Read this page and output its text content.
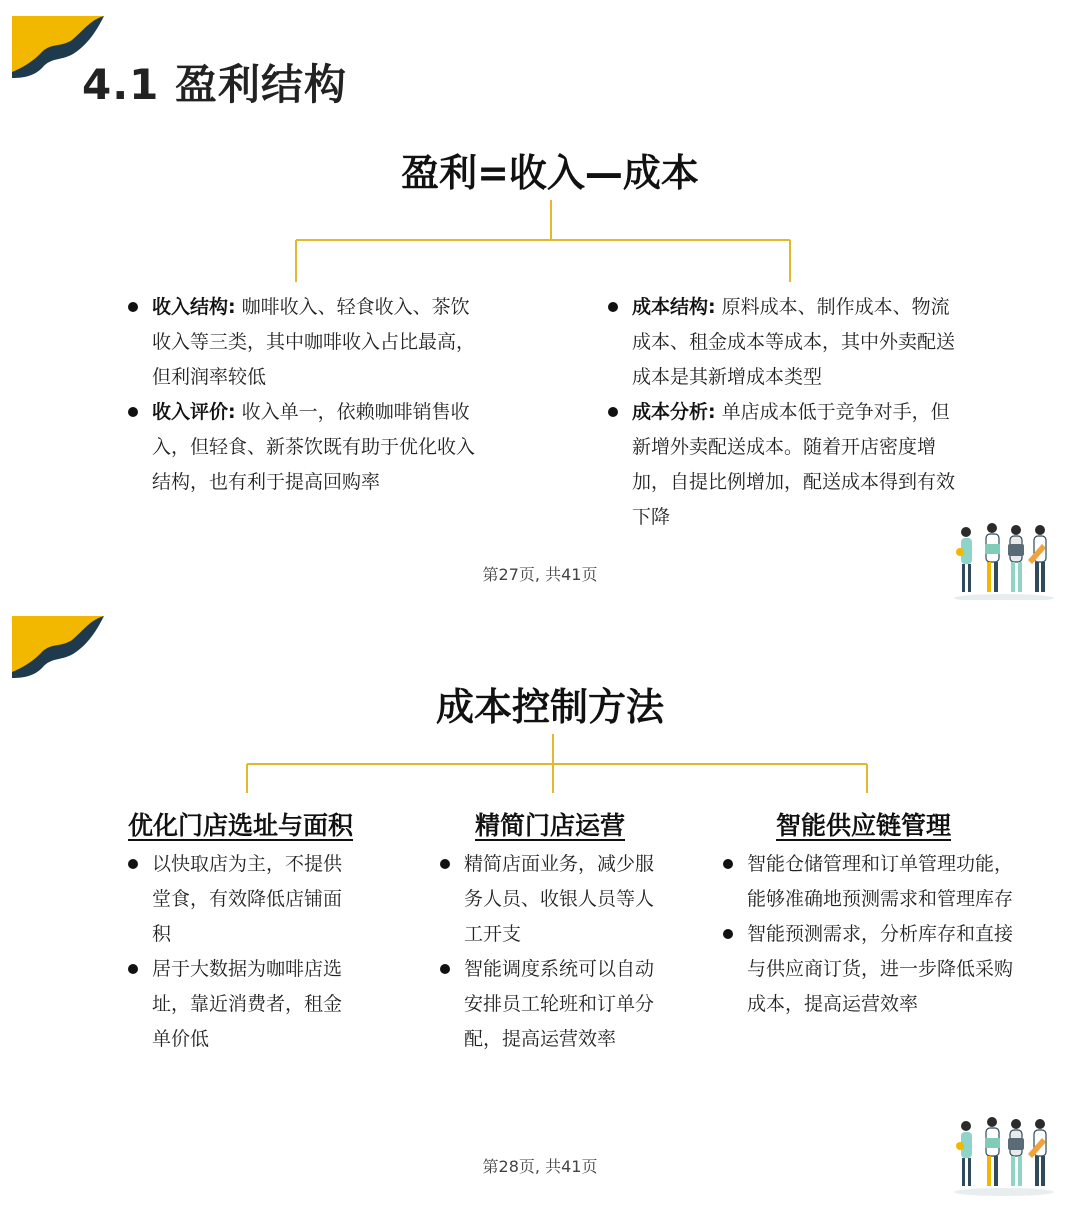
4.1 盈利结构
盈利=收入—成本
收入结构: 咖啡收入、轻食收入、茶饮收入等三类，其中咖啡收入占比最高，但利润率较低
收入评价: 收入单一，依赖咖啡销售收入，但轻食、新茶饮既有助于优化收入结构，也有利于提高回购率
成本结构: 原料成本、制作成本、物流成本、租金成本等成本，其中外卖配送成本是其新增成本类型
成本分析: 单店成本低于竞争对手，但新增外卖配送成本。随着开店密度增加，自提比例增加，配送成本得到有效下降
第27页, 共41页
成本控制方法
优化门店选址与面积	精简门店运营	智能供应链管理
以快取店为主，不提供堂食，有效降低店铺面积
居于大数据为咖啡店选址，靠近消费者，租金单价低
精简店面业务，减少服务人员、收银人员等人工开支
智能调度系统可以自动安排员工轮班和订单分配，提高运营效率
智能仓储管理和订单管理功能，能够准确地预测需求和管理库存
智能预测需求，分析库存和直接与供应商订货，进一步降低采购成本，提高运营效率
第28页, 共41页
